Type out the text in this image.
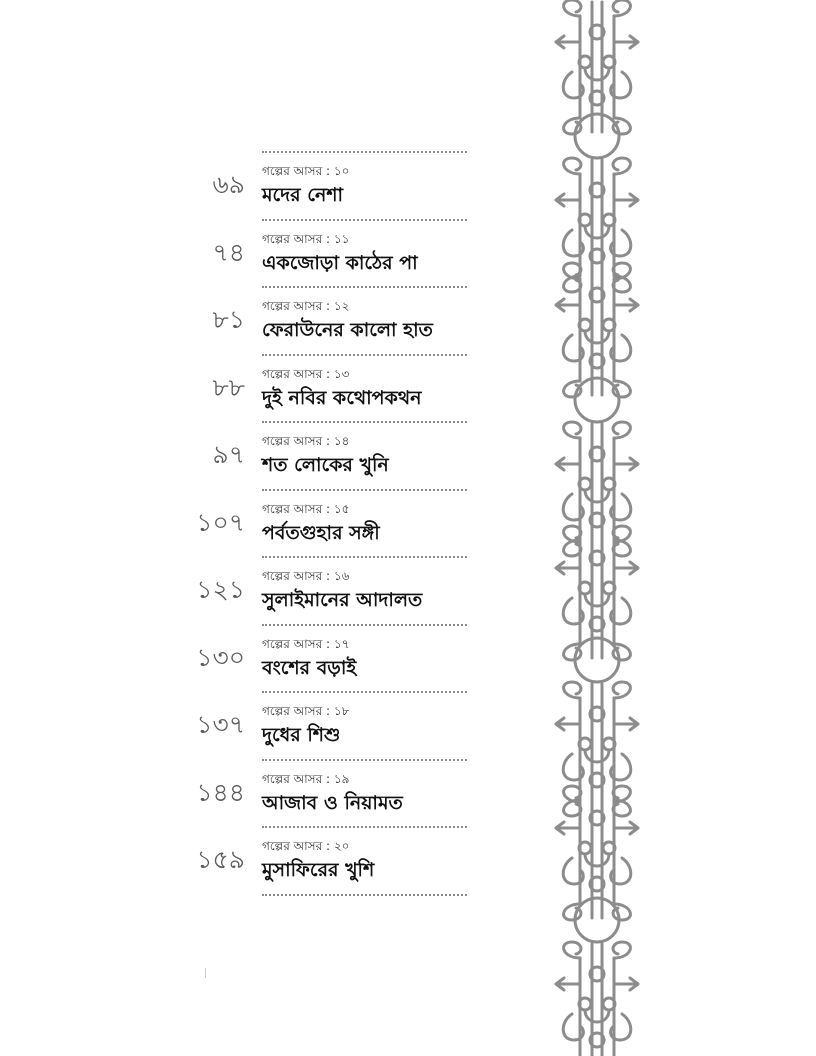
৬৯ গল্পের আসর : ১০
মদের নেশা
৭৪ গল্পের আসর : ১১
একজোড়া কাঠের পা
৮১ গল্পের আসর : ১২
ফেরাউনের কালো হাত
৮৮ গল্পের আসর : ১৩
দুই নবির কথোপকথন
৯৭ গল্পের আসর : ১৪
শত লোকের খুনি
১০৭ গল্পের আসর : ১৫
পর্বতগুহার সঙ্গী
১২১ গল্পের আসর : ১৬
সুলাইমানের আদালত
১৩০ গল্পের আসর : ১৭
বংশের বড়াই
১৩৭ গল্পের আসর : ১৮
দুধের শিশু
১৪৪ গল্পের আসর : ১৯
আজাব ও নিয়ামত
১৫৯ গল্পের আসর : ২০
মুসাফিরের খুশি
